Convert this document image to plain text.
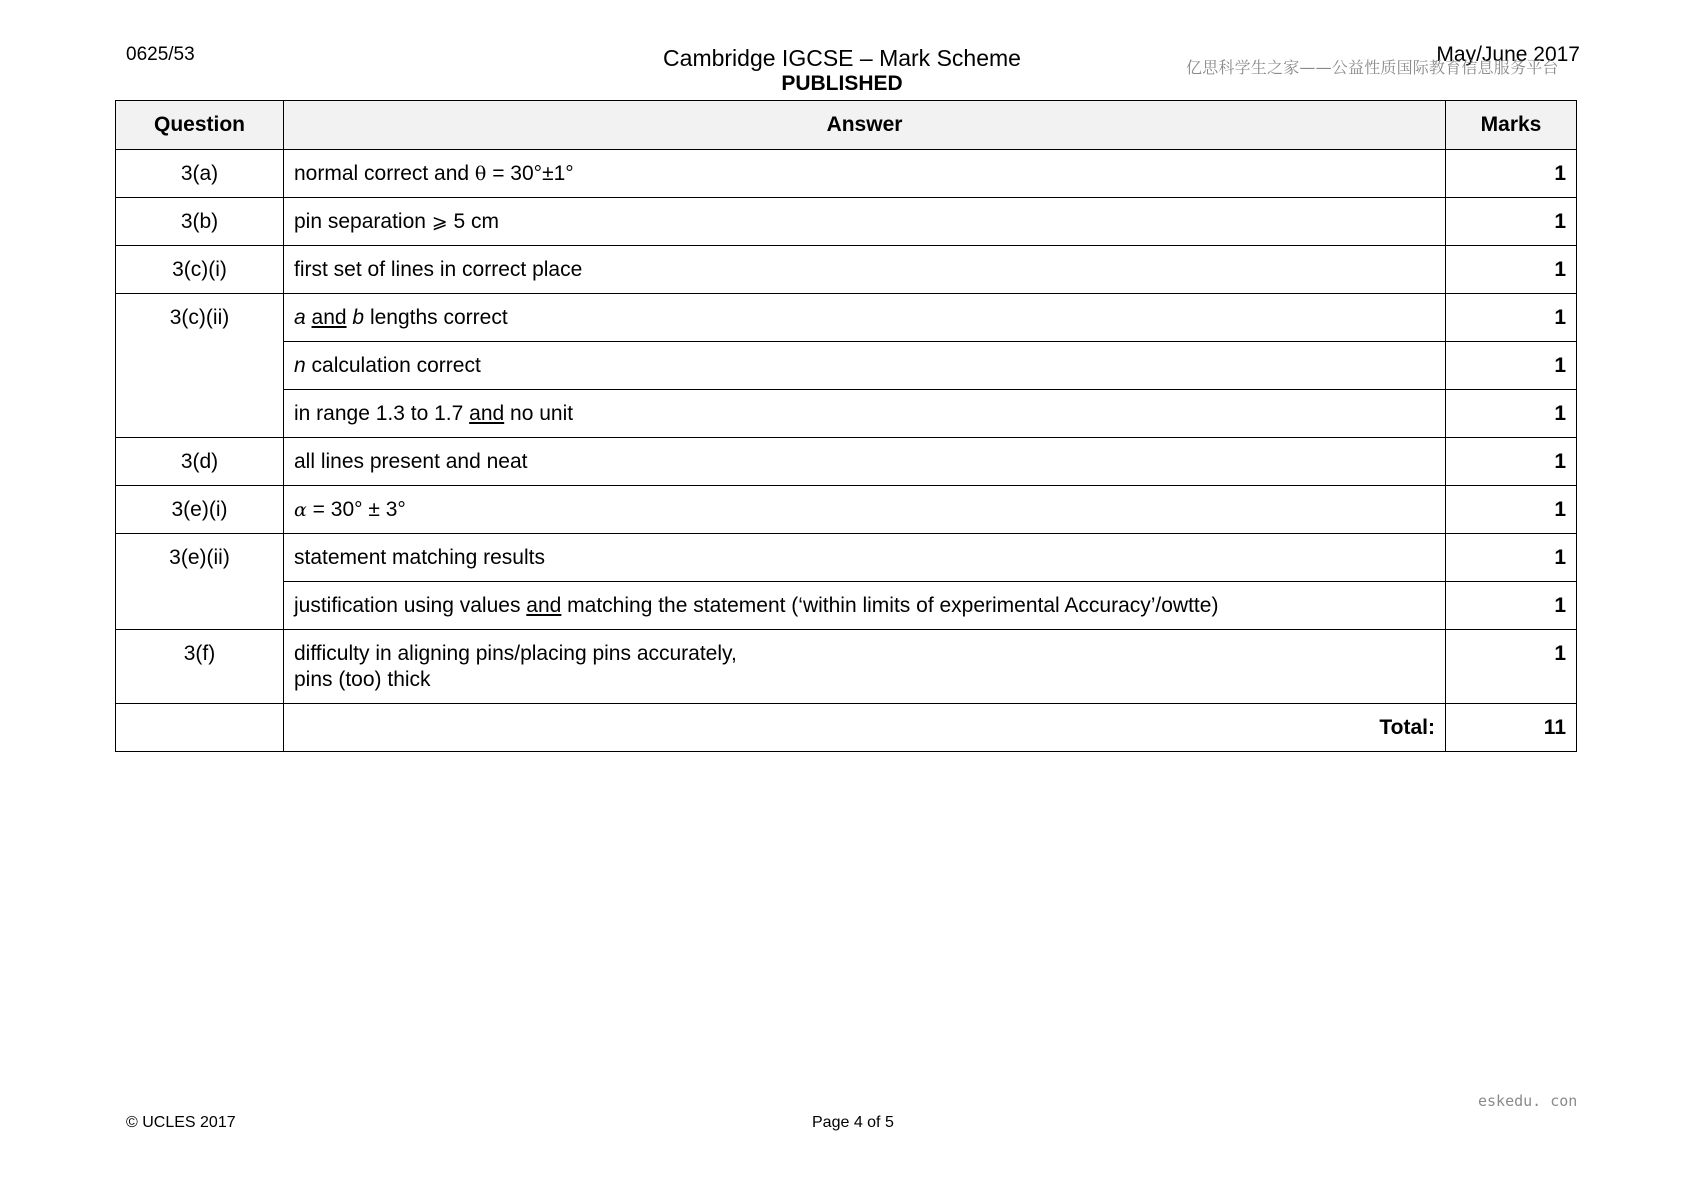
0625/53	Cambridge IGCSE – Mark Scheme
PUBLISHED
May/June 2017
亿思科学生之家——公益性质国际教育信息服务平台
Question	Answer	Marks
3(a)	normal correct and θ = 30°±1°	1
3(b)	pin separation ⩾ 5 cm	1
3(c)(i)	first set of lines in correct place	1
3(c)(ii)	a and b lengths correct	1
	n calculation correct	1
	in range 1.3 to 1.7 and no unit	1
3(d)	all lines present and neat	1
3(e)(i)	α = 30° ± 3°	1
3(e)(ii)	statement matching results	1
	justification using values and matching the statement (‘within limits of experimental Accuracy’/owtte)	1
3(f)	difficulty in aligning pins/placing pins accurately,
pins (too) thick	1
	Total:	11
© UCLES 2017	Page 4 of 5
eskedu. con
